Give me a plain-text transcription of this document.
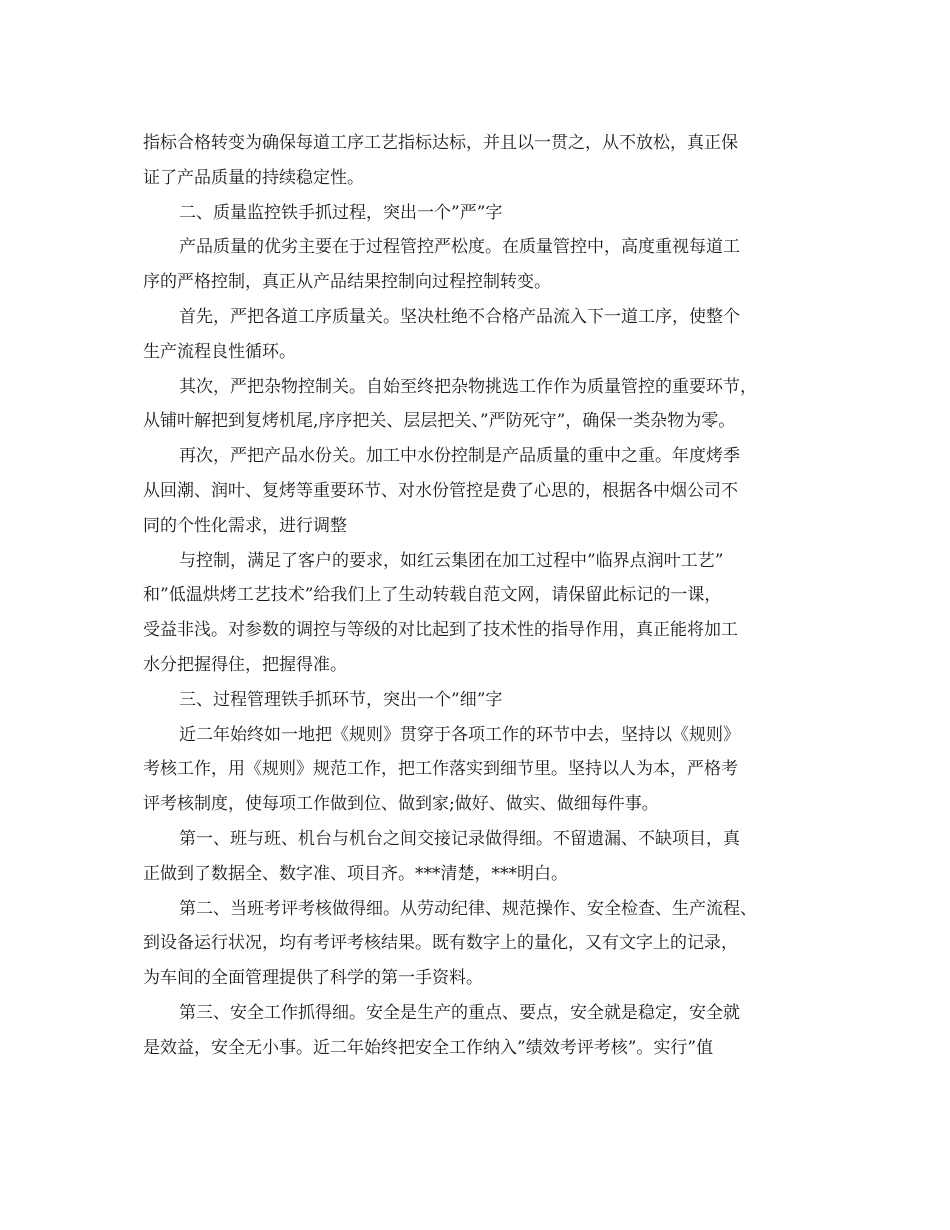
指标合格转变为确保每道工序工艺指标达标，并且以一贯之，从不放松，真正保
证了产品质量的持续稳定性。
二、质量监控铁手抓过程，突出一个”严”字
产品质量的优劣主要在于过程管控严松度。在质量管控中，高度重视每道工
序的严格控制，真正从产品结果控制向过程控制转变。
首先，严把各道工序质量关。坚决杜绝不合格产品流入下一道工序，使整个
生产流程良性循环。
其次，严把杂物控制关。自始至终把杂物挑选工作作为质量管控的重要环节，
从铺叶解把到复烤机尾,序序把关、层层把关、”严防死守”，确保一类杂物为零。
再次，严把产品水份关。加工中水份控制是产品质量的重中之重。年度烤季
从回潮、润叶、复烤等重要环节、对水份管控是费了心思的，根据各中烟公司不
同的个性化需求，进行调整
与控制，满足了客户的要求，如红云集团在加工过程中”临界点润叶工艺”
和”低温烘烤工艺技术”给我们上了生动转载自范文网，请保留此标记的一课，
受益非浅。对参数的调控与等级的对比起到了技术性的指导作用，真正能将加工
水分把握得住，把握得准。
三、过程管理铁手抓环节，突出一个”细”字
近二年始终如一地把《规则》贯穿于各项工作的环节中去，坚持以《规则》
考核工作，用《规则》规范工作，把工作落实到细节里。坚持以人为本，严格考
评考核制度，使每项工作做到位、做到家;做好、做实、做细每件事。
第一、班与班、机台与机台之间交接记录做得细。不留遗漏、不缺项目，真
正做到了数据全、数字准、项目齐。***清楚，***明白。
第二、当班考评考核做得细。从劳动纪律、规范操作、安全检查、生产流程、
到设备运行状况，均有考评考核结果。既有数字上的量化，又有文字上的记录，
为车间的全面管理提供了科学的第一手资料。
第三、安全工作抓得细。安全是生产的重点、要点，安全就是稳定，安全就
是效益，安全无小事。近二年始终把安全工作纳入”绩效考评考核”。实行”值
